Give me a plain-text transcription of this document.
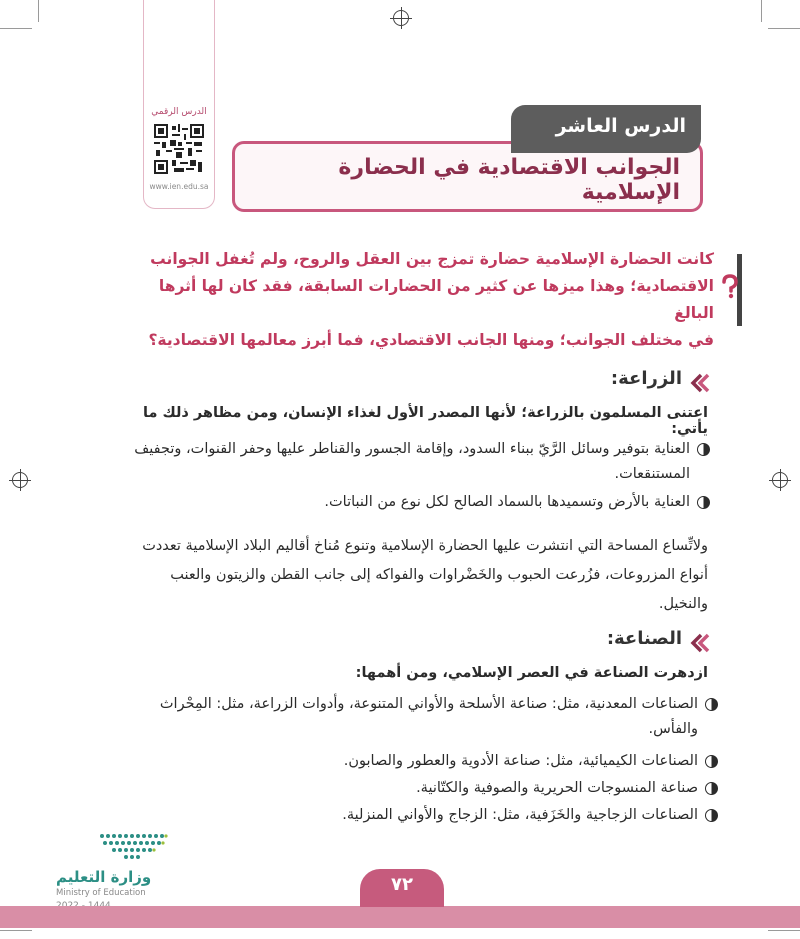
الدرس الرقمي
www.ien.edu.sa
الدرس العاشر
الجوانب الاقتصادية في الحضارة الإسلامية
كانت الحضارة الإسلامية حضارة تمزج بين العقل والروح، ولم تُغفل الجوانب
الاقتصادية؛ وهذا ميزها عن كثير من الحضارات السابقة، فقد كان لها أثرها البالغ
في مختلف الجوانب؛ ومنها الجانب الاقتصادي، فما أبرز معالمها الاقتصادية؟
الزراعة:
اعتنى المسلمون بالزراعة؛ لأنها المصدر الأول لغذاء الإنسان، ومن مظاهر ذلك ما يأتي:
العناية بتوفير وسائل الرَّيّ ببناء السدود، وإقامة الجسور والقناطر عليها وحفر القنوات، وتجفيف المستنقعات.
العناية بالأرض وتسميدها بالسماد الصالح لكل نوع من النباتات.
ولاتِّساع المساحة التي انتشرت عليها الحضارة الإسلامية وتنوع مُناخ أقاليم البلاد الإسلامية تعددت أنواع المزروعات، فزُرعت الحبوب والخَضْراوات والفواكه إلى جانب القطن والزيتون والعنب والنخيل.
الصناعة:
ازدهرت الصناعة في العصر الإسلامي، ومن أهمها:
الصناعات المعدنية، مثل: صناعة الأسلحة والأواني المتنوعة، وأدوات الزراعة، مثل: المِحْراث والفأس.
الصناعات الكيميائية، مثل: صناعة الأدوية والعطور والصابون.
صناعة المنسوجات الحريرية والصوفية والكتّانية.
الصناعات الزجاجية والخَزَفية، مثل: الزجاج والأواني المنزلية.
وزارة التعليم
Ministry of Education	٧٢
